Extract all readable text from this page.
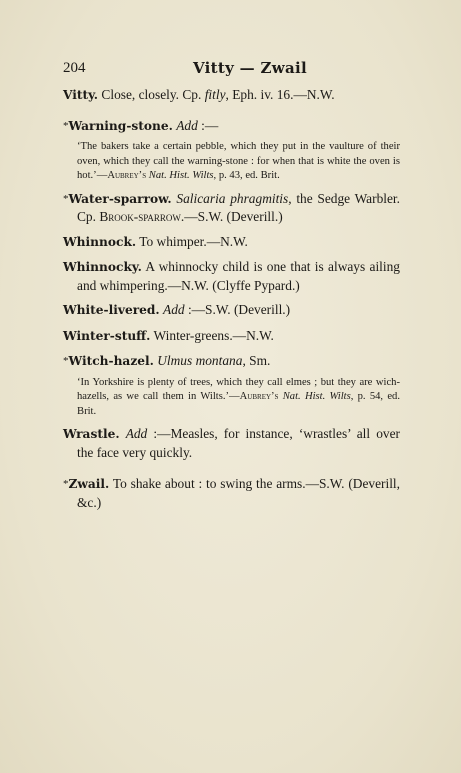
204	Vitty — Zwail
Vitty. Close, closely. Cp. fitly, Eph. iv. 16.—N.W.
*Warning-stone. Add :—
‘The bakers take a certain pebble, which they put in the vaulture of their oven, which they call the warning-stone : for when that is white the oven is hot.’—Aubrey’s Nat. Hist. Wilts, p. 43, ed. Brit.
*Water-sparrow. Salicaria phragmitis, the Sedge Warbler. Cp. Brook-sparrow.—S.W. (Deverill.)
Whinnock. To whimper.—N.W.
Whinnocky. A whinnocky child is one that is always ailing and whimpering.—N.W. (Clyffe Pypard.)
White-livered. Add :—S.W. (Deverill.)
Winter-stuff. Winter-greens.—N.W.
*Witch-hazel. Ulmus montana, Sm.
‘In Yorkshire is plenty of trees, which they call elmes ; but they are wich-hazells, as we call them in Wilts.’—Aubrey’s Nat. Hist. Wilts, p. 54, ed. Brit.
Wrastle. Add :—Measles, for instance, ‘wrastles’ all over the face very quickly.
*Zwail. To shake about : to swing the arms.—S.W. (Deverill, &c.)
